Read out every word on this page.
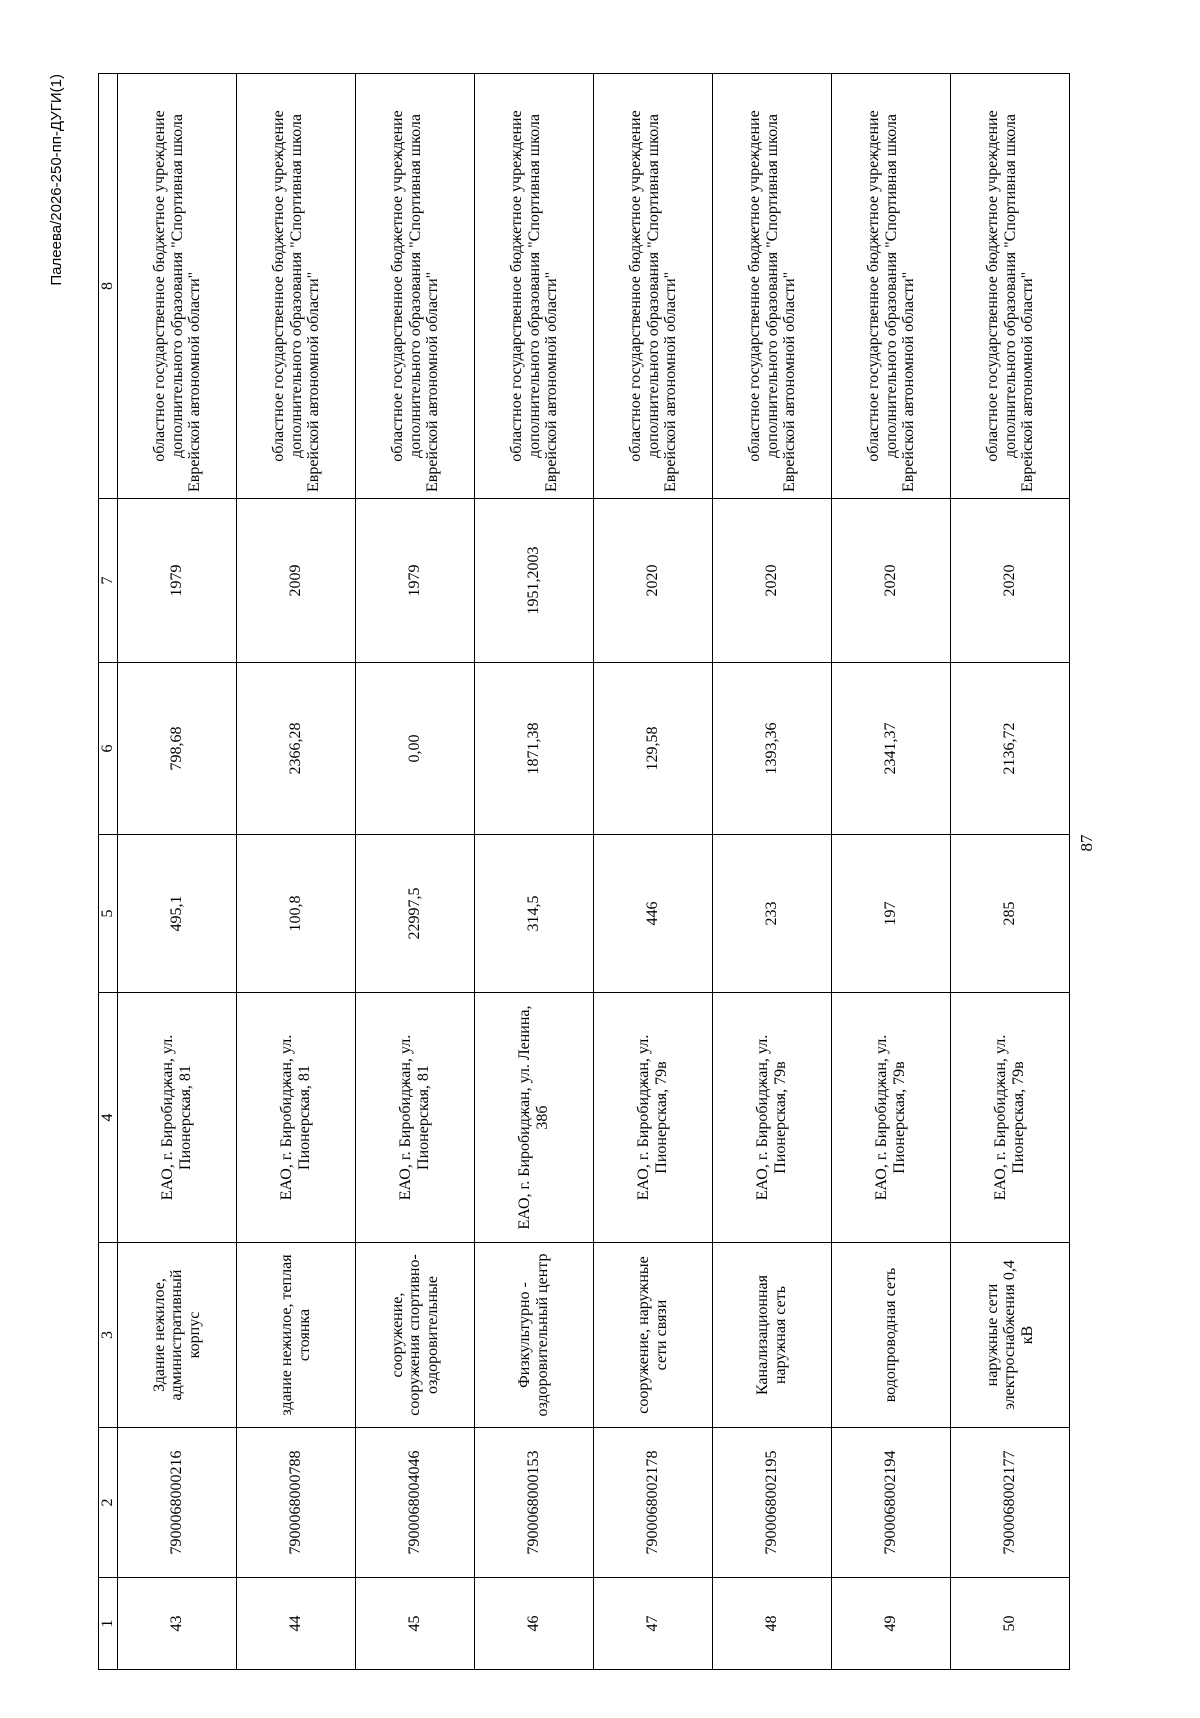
Палеева/2026-250-пп-ДУГИ(1)
1	2	3	4	5	6	7	8

43	7900068000216	Здание нежилое, административный корпус	ЕАО, г. Биробиджан, ул. Пионерская, 81	495,1	798,68	1979	областное государственное бюджетное учреждение дополнительного образования "Спортивная школа Еврейской автономной области"

44	7900068000788	здание нежилое, теплая стоянка	ЕАО, г. Биробиджан, ул. Пионерская, 81	100,8	2366,28	2009	областное государственное бюджетное учреждение дополнительного образования "Спортивная школа Еврейской автономной области"

45	7900068004046	сооружение, сооружения спортивно-оздоровительные	ЕАО, г. Биробиджан, ул. Пионерская, 81	22997,5	0,00	1979	областное государственное бюджетное учреждение дополнительного образования "Спортивная школа Еврейской автономной области"

46	7900068000153	Физкультурно - оздоровительный центр	ЕАО, г. Биробиджан, ул. Ленина, 38б	314,5	1871,38	1951,2003	областное государственное бюджетное учреждение дополнительного образования "Спортивная школа Еврейской автономной области"

47	7900068002178	сооружение, наружные сети связи	ЕАО, г. Биробиджан, ул. Пионерская, 79в	446	129,58	2020	областное государственное бюджетное учреждение дополнительного образования "Спортивная школа Еврейской автономной области"

48	7900068002195	Канализационная наружная сеть	ЕАО, г. Биробиджан, ул. Пионерская, 79в	233	1393,36	2020	областное государственное бюджетное учреждение дополнительного образования "Спортивная школа Еврейской автономной области"

49	7900068002194	водопроводная сеть	ЕАО, г. Биробиджан, ул. Пионерская, 79в	197	2341,37	2020	областное государственное бюджетное учреждение дополнительного образования "Спортивная школа Еврейской автономной области"

50	7900068002177	наружные сети электроснабжения 0,4 кВ	ЕАО, г. Биробиджан, ул. Пионерская, 79в	285	2136,72	2020	областное государственное бюджетное учреждение дополнительного образования "Спортивная школа Еврейской автономной области"
87
